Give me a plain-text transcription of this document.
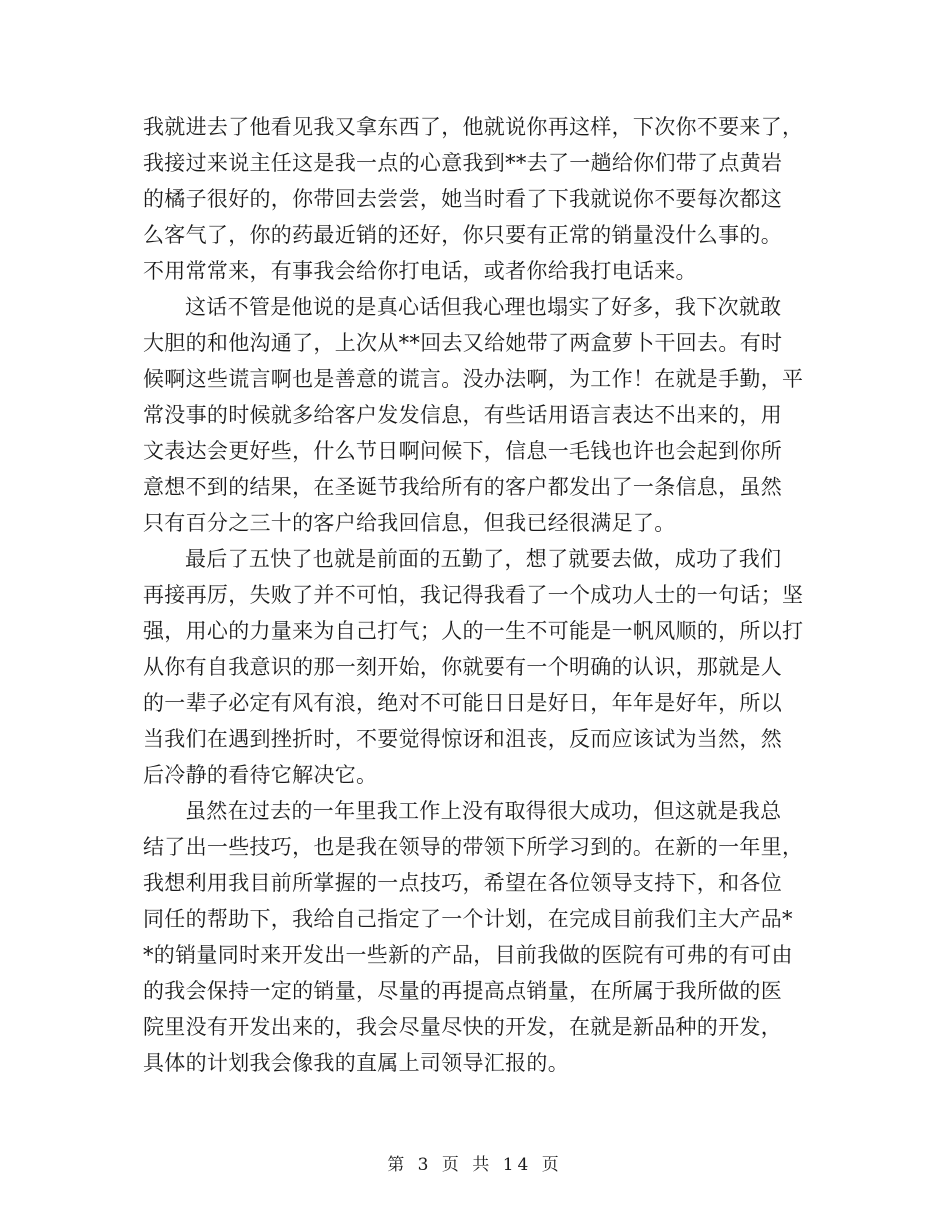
我就进去了他看见我又拿东西了，他就说你再这样，下次你不要来了，
我接过来说主任这是我一点的心意我到**去了一趟给你们带了点黄岩
的橘子很好的，你带回去尝尝，她当时看了下我就说你不要每次都这
么客气了，你的药最近销的还好，你只要有正常的销量没什么事的。
不用常常来，有事我会给你打电话，或者你给我打电话来。
这话不管是他说的是真心话但我心理也塌实了好多，我下次就敢
大胆的和他沟通了，上次从**回去又给她带了两盒萝卜干回去。有时
候啊这些谎言啊也是善意的谎言。没办法啊，为工作！在就是手勤，平
常没事的时候就多给客户发发信息，有些话用语言表达不出来的，用
文表达会更好些，什么节日啊问候下，信息一毛钱也许也会起到你所
意想不到的结果，在圣诞节我给所有的客户都发出了一条信息，虽然
只有百分之三十的客户给我回信息，但我已经很满足了。
最后了五快了也就是前面的五勤了，想了就要去做，成功了我们
再接再厉，失败了并不可怕，我记得我看了一个成功人士的一句话；坚
强，用心的力量来为自己打气；人的一生不可能是一帆风顺的，所以打
从你有自我意识的那一刻开始，你就要有一个明确的认识，那就是人
的一辈子必定有风有浪，绝对不可能日日是好日，年年是好年，所以
当我们在遇到挫折时，不要觉得惊讶和沮丧，反而应该试为当然，然
后冷静的看待它解决它。
虽然在过去的一年里我工作上没有取得很大成功，但这就是我总
结了出一些技巧，也是我在领导的带领下所学习到的。在新的一年里，
我想利用我目前所掌握的一点技巧，希望在各位领导支持下，和各位
同任的帮助下，我给自己指定了一个计划，在完成目前我们主大产品*
*的销量同时来开发出一些新的产品，目前我做的医院有可弗的有可由
的我会保持一定的销量，尽量的再提高点销量，在所属于我所做的医
院里没有开发出来的，我会尽量尽快的开发，在就是新品种的开发，
具体的计划我会像我的直属上司领导汇报的。
第 3 页 共 14 页
